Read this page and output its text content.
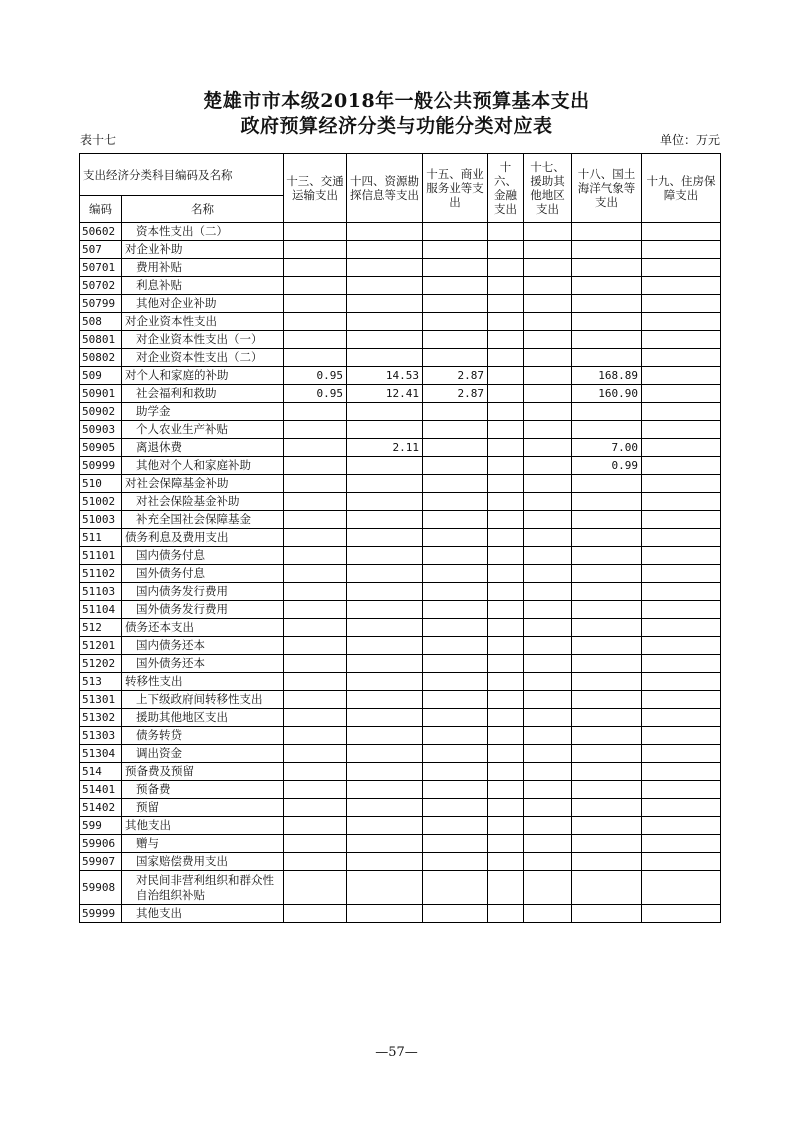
楚雄市市本级2018年一般公共预算基本支出
政府预算经济分类与功能分类对应表
表十七	单位：万元
支出经济分类科目编码及名称		十三、交通运输支出	十四、资源勘探信息等支出	十五、商业服务业等支出	十六、金融支出	十七、援助其他地区支出	十八、国土海洋气象等支出	十九、住房保障支出
编码	名称							
50602	资本性支出（二）							
507	对企业补助							
50701	费用补贴							
50702	利息补贴							
50799	其他对企业补助							
508	对企业资本性支出							
50801	对企业资本性支出（一）							
50802	对企业资本性支出（二）							
509	对个人和家庭的补助	0.95	14.53	2.87			168.89	
50901	社会福利和救助	0.95	12.41	2.87			160.90	
50902	助学金							
50903	个人农业生产补贴							
50905	离退休费		2.11				7.00	
50999	其他对个人和家庭补助						0.99	
510	对社会保障基金补助							
51002	对社会保险基金补助							
51003	补充全国社会保障基金							
511	债务利息及费用支出							
51101	国内债务付息							
51102	国外债务付息							
51103	国内债务发行费用							
51104	国外债务发行费用							
512	债务还本支出							
51201	国内债务还本							
51202	国外债务还本							
513	转移性支出							
51301	上下级政府间转移性支出							
51302	援助其他地区支出							
51303	债务转贷							
51304	调出资金							
514	预备费及预留							
51401	预备费							
51402	预留							
599	其他支出							
59906	赠与							
59907	国家赔偿费用支出							
59908	对民间非营利组织和群众性自治组织补贴							
59999	其他支出							
—57—
